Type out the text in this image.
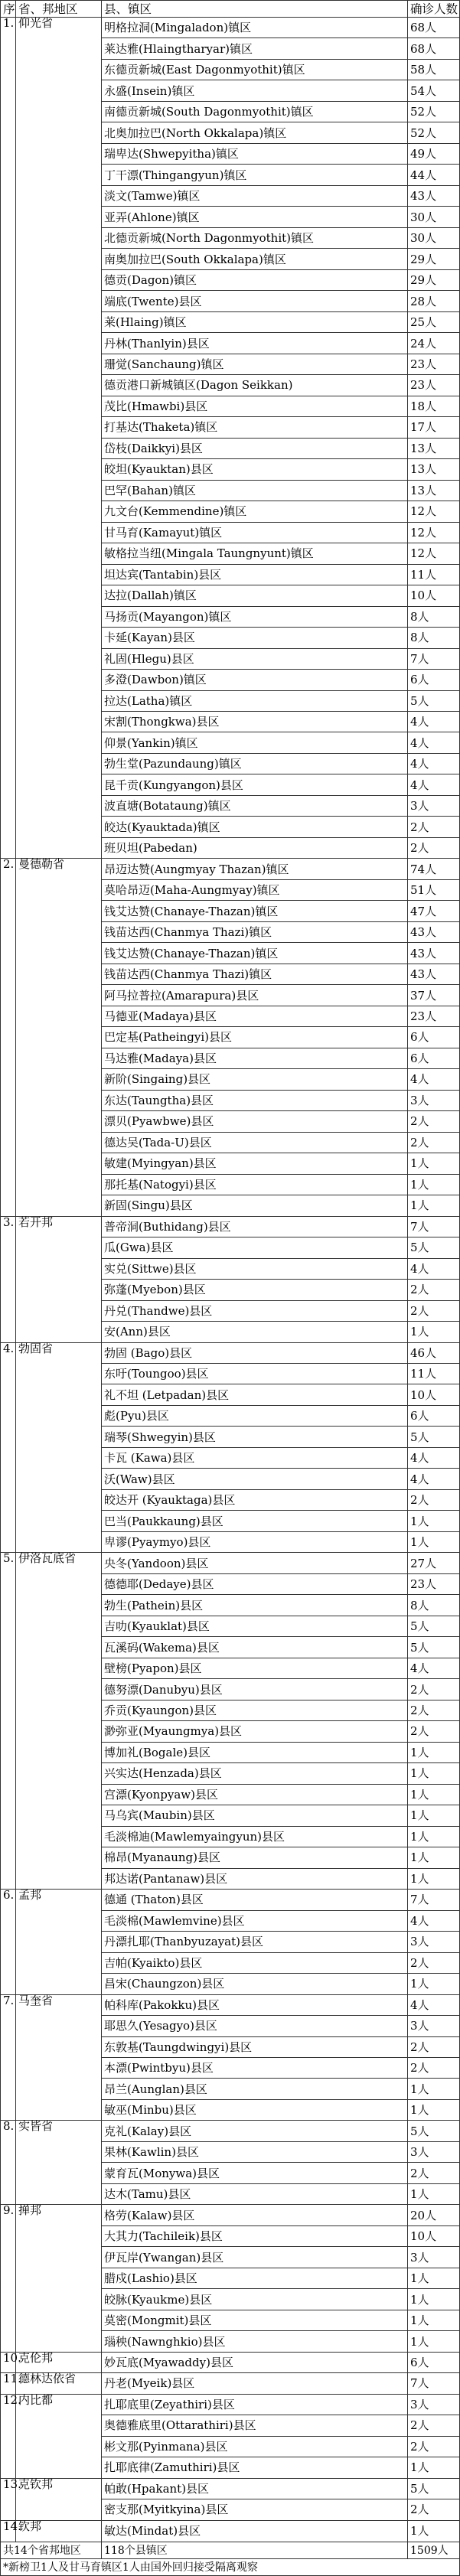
序	省、邦地区	县、镇区	确诊人数
1.	仰光省	明格拉洞(Mingaladon)镇区	68人
		莱达雅(Hlaingtharyar)镇区	68人
		东德贡新城(East Dagonmyothit)镇区	58人
		永盛(Insein)镇区	54人
		南德贡新城(South Dagonmyothit)镇区	52人
		北奥加拉巴(North Okkalapa)镇区	52人
		瑞卑达(Shwepyitha)镇区	49人
		丁干漂(Thingangyun)镇区	44人
		淡文(Tamwe)镇区	43人
		亚弄(Ahlone)镇区	30人
		北德贡新城(North Dagonmyothit)镇区	30人
		南奥加拉巴(South Okkalapa)镇区	29人
		德贡(Dagon)镇区	29人
		端底(Twente)县区	28人
		莱(Hlaing)镇区	25人
		丹林(Thanlyin)县区	24人
		珊觉(Sanchaung)镇区	23人
		德贡港口新城镇区(Dagon Seikkan)	23人
		茂比(Hmawbi)县区	18人
		打基达(Thaketa)镇区	17人
		岱枝(Daikkyi)县区	13人
		皎坦(Kyauktan)县区	13人
		巴罕(Bahan)镇区	13人
		九文台(Kemmendine)镇区	12人
		甘马育(Kamayut)镇区	12人
		敏格拉当纽(Mingala Taungnyunt)镇区	12人
		坦达宾(Tantabin)县区	11人
		达拉(Dallah)镇区	10人
		马扬贡(Mayangon)镇区	8人
		卡延(Kayan)县区	8人
		礼固(Hlegu)县区	7人
		多澄(Dawbon)镇区	6人
		拉达(Latha)镇区	5人
		宋割(Thongkwa)县区	4人
		仰景(Yankin)镇区	4人
		勃生堂(Pazundaung)镇区	4人
		昆千贡(Kungyangon)县区	4人
		波直塘(Botataung)镇区	3人
		皎达(Kyauktada)镇区	2人
		班贝坦(Pabedan)	2人
2.	曼德勒省	昂迈达赞(Aungmyay Thazan)镇区	74人
		莫哈昂迈(Maha-Aungmyay)镇区	51人
		钱艾达赞(Chanaye-Thazan)镇区	47人
		钱苗达西(Chanmya Thazi)镇区	43人
		钱艾达赞(Chanaye-Thazan)镇区	43人
		钱苗达西(Chanmya Thazi)镇区	43人
		阿马拉普拉(Amarapura)县区	37人
		马德亚(Madaya)县区	23人
		巴定基(Patheingyi)县区	6人
		马达雅(Madaya)县区	6人
		新阶(Singaing)县区	4人
		东达(Taungtha)县区	3人
		漂贝(Pyawbwe)县区	2人
		德达吴(Tada-U)县区	2人
		敏建(Myingyan)县区	1人
		那托基(Natogyi)县区	1人
		新固(Singu)县区	1人
3.	若开邦	普帝洞(Buthidang)县区	7人
		瓜(Gwa)县区	5人
		实兑(Sittwe)县区	4人
		弥蓬(Myebon)县区	2人
		丹兑(Thandwe)县区	2人
		安(Ann)县区	1人
4.	勃固省	勃固 (Bago)县区	46人
		东吁(Toungoo)县区	11人
		礼不坦 (Letpadan)县区	10人
		彪(Pyu)县区	6人
		瑞琴(Shwegyin)县区	5人
		卡瓦 (Kawa)县区	4人
		沃(Waw)县区	4人
		皎达开 (Kyauktaga)县区	2人
		巴当(Paukkaung)县区	1人
		卑谬(Pyaymyo)县区	1人
5.	伊洛瓦底省	央冬(Yandoon)县区	27人
		德德耶(Dedaye)县区	23人
		勃生(Pathein)县区	8人
		吉叻(Kyauklat)县区	5人
		瓦溪码(Wakema)县区	5人
		壁榜(Pyapon)县区	4人
		德努漂(Danubyu)县区	2人
		乔贡(Kyaungon)县区	2人
		渺弥亚(Myaungmya)县区	2人
		博加礼(Bogale)县区	1人
		兴实达(Henzada)县区	1人
		宫漂(Kyonpyaw)县区	1人
		马乌宾(Maubin)县区	1人
		毛淡棉迪(Mawlemyaingyun)县区	1人
		棉昂(Myanaung)县区	1人
		邦达诺(Pantanaw)县区	1人
6.	孟邦	德通 (Thaton)县区	7人
		毛淡棉(Mawlemvine)县区	4人
		丹漂扎耶(Thanbyuzayat)县区	3人
		吉帕(Kyaikto)县区	2人
		昌宋(Chaungzon)县区	1人
7.	马奎省	帕科库(Pakokku)县区	4人
		耶思久(Yesagyo)县区	3人
		东敦基(Taungdwingyi)县区	2人
		本漂(Pwintbyu)县区	2人
		昂兰(Aunglan)县区	1人
		敏巫(Minbu)县区	1人
8.	实皆省	克礼(Kalay)县区	5人
		果林(Kawlin)县区	3人
		蒙育瓦(Monywa)县区	2人
		达木(Tamu)县区	1人
9.	掸邦	格劳(Kalaw)县区	20人
		大其力(Tachileik)县区	10人
		伊瓦岸(Ywangan)县区	3人
		腊戍(Lashio)县区	1人
		皎脉(Kyaukme)县区	1人
		莫密(Mongmit)县区	1人
		瑙秧(Nawnghkio)县区	1人
10.	克伦邦	妙瓦底(Myawaddy)县区	6人
11.	德林达依省	丹老(Myeik)县区	7人
12.	内比都	扎耶底里(Zeyathiri)县区	3人
		奥德雅底里(Ottarathiri)县区	2人
		彬文那(Pyinmana)县区	2人
		扎耶底律(Zamuthiri)县区	1人
13.	克钦邦	帕敢(Hpakant)县区	5人
		密支那(Myitkyina)县区	2人
14.	钦邦	敏达(Mindat)县区	1人
共14个省邦地区		118个县镇区	1509人
*新榜卫1人及甘马育镇区1人由国外回归接受隔离观察			
